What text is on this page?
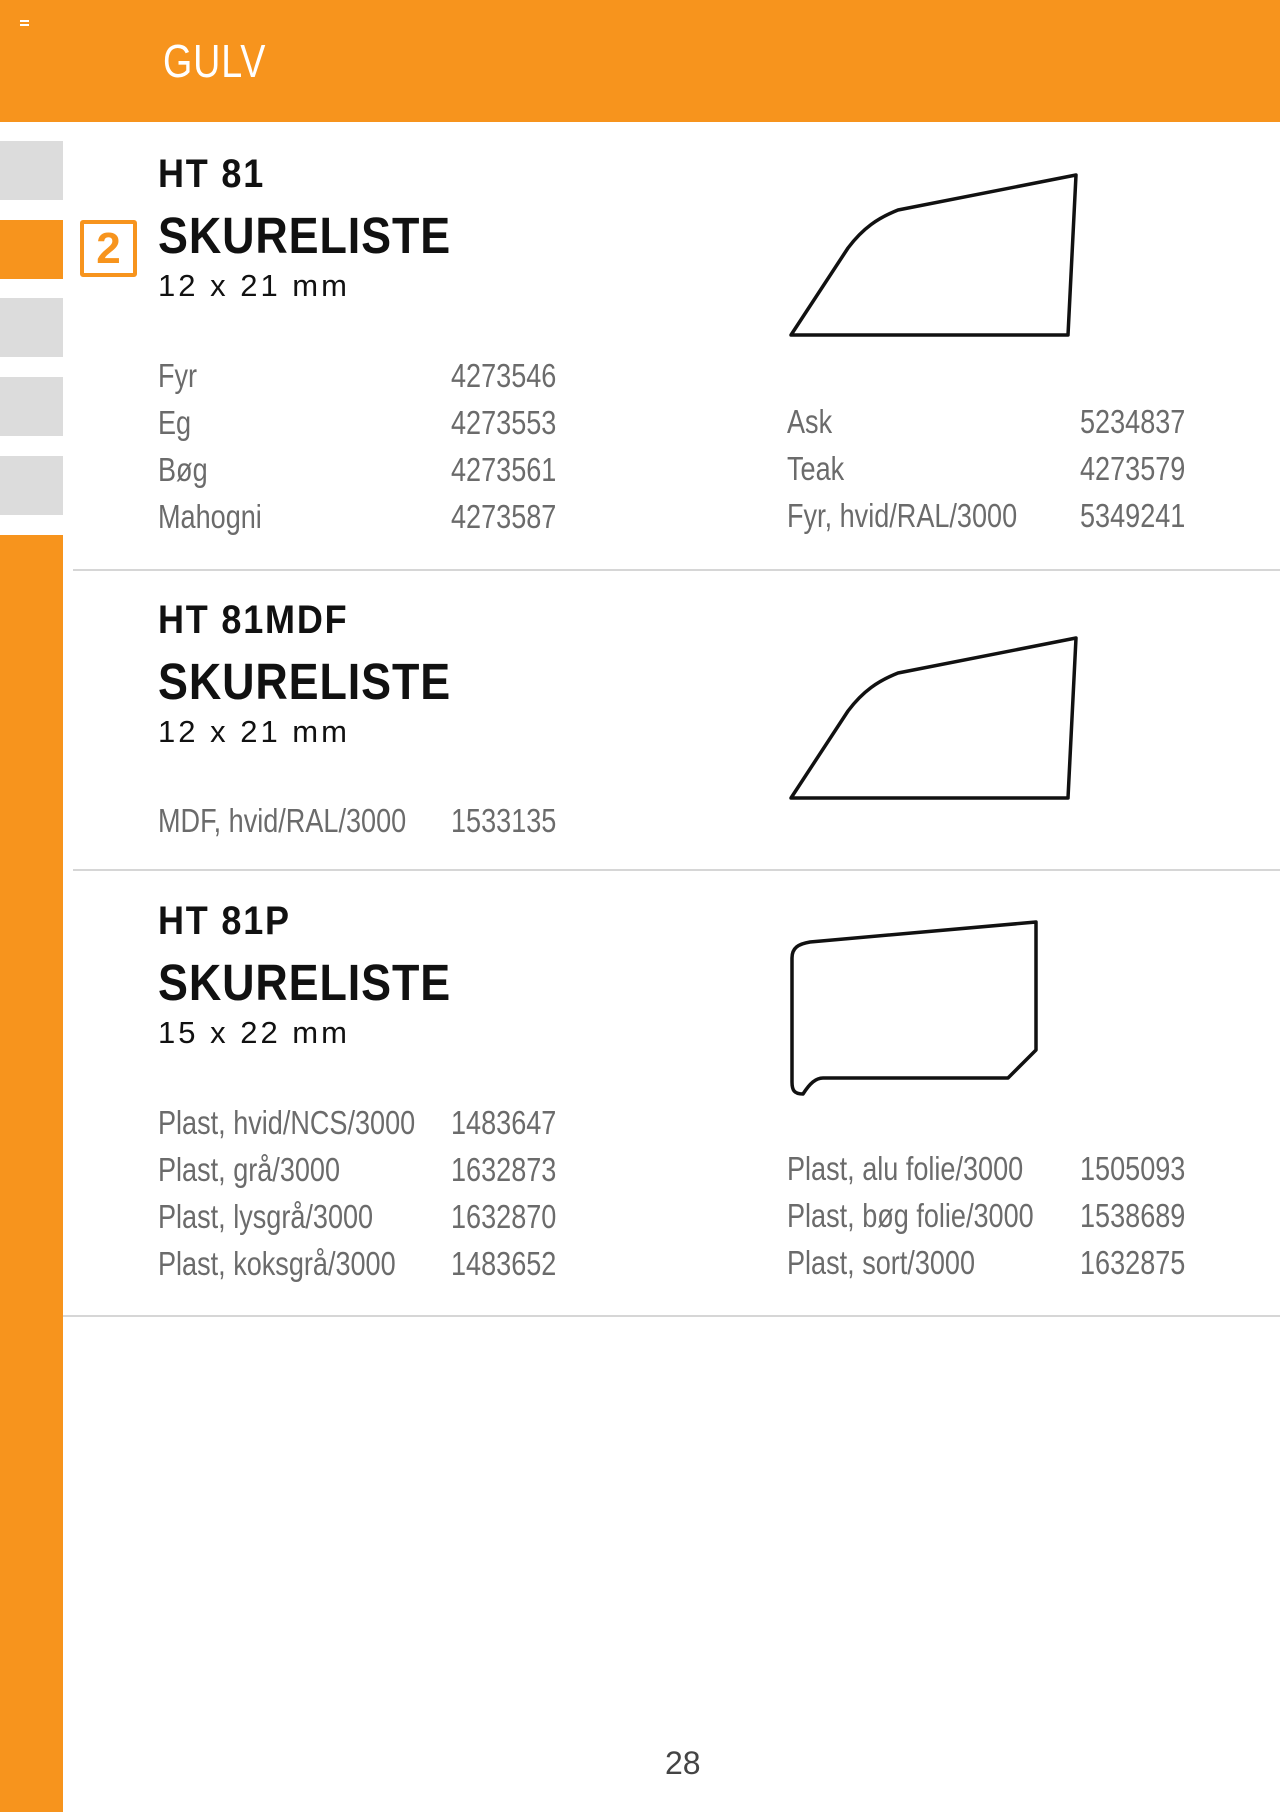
GULV
2
HT 81
SKURELISTE
12 x 21 mm
Fyr	4273546
Eg	4273553
Bøg	4273561
Mahogni	4273587
Ask	5234837
Teak	4273579
Fyr, hvid/RAL/3000 5349241
HT 81MDF
SKURELISTE
12 x 21 mm
MDF, hvid/RAL/3000 1533135
HT 81P
SKURELISTE
15 x 22 mm
Plast, hvid/NCS/3000 1483647
Plast, grå/3000	1632873
Plast, lysgrå/3000 1632870
Plast, koksgrå/3000 1483652
Plast, alu folie/3000 1505093
Plast, bøg folie/3000 1538689
Plast, sort/3000	1632875
28
